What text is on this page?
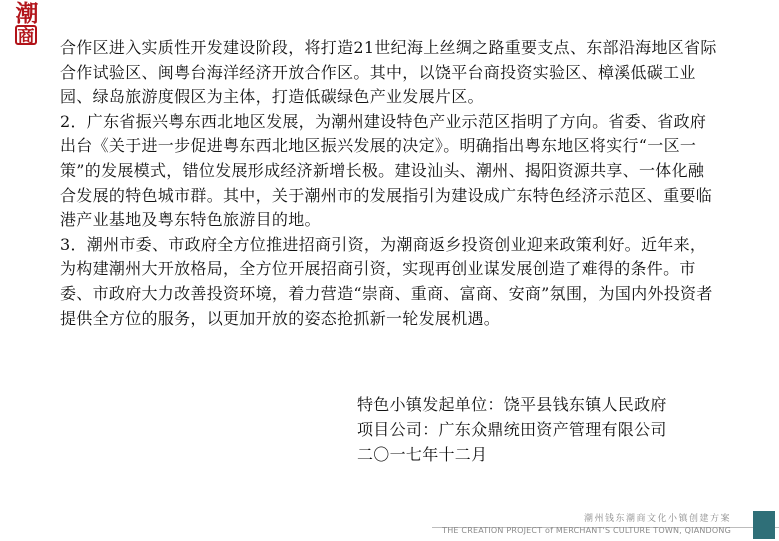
潮
商

合作区进入实质性开发建设阶段，将打造21世纪海上丝绸之路重要支点、东部沿海地区省际合作试验区、闽粤台海洋经济开放合作区。其中，以饶平台商投资实验区、樟溪低碳工业园、绿岛旅游度假区为主体，打造低碳绿色产业发展片区。

2．广东省振兴粤东西北地区发展，为潮州建设特色产业示范区指明了方向。省委、省政府出台《关于进一步促进粤东西北地区振兴发展的决定》。明确指出粤东地区将实行“一区一策”的发展模式，错位发展形成经济新增长极。建设汕头、潮州、揭阳资源共享、一体化融合发展的特色城市群。其中，关于潮州市的发展指引为建设成广东特色经济示范区、重要临港产业基地及粤东特色旅游目的地。

3．潮州市委、市政府全方位推进招商引资，为潮商返乡投资创业迎来政策利好。近年来，为构建潮州大开放格局，全方位开展招商引资，实现再创业谋发展创造了难得的条件。市委、市政府大力改善投资环境，着力营造“崇商、重商、富商、安商”氛围，为国内外投资者提供全方位的服务，以更加开放的姿态抢抓新一轮发展机遇。

特色小镇发起单位：饶平县钱东镇人民政府
项目公司：广东众鼎统田资产管理有限公司
二〇一七年十二月
潮州钱东潮商文化小镇创建方案
THE CREATION PROJECT of MERCHANT'S CULTURE TOWN, QIANDONG
